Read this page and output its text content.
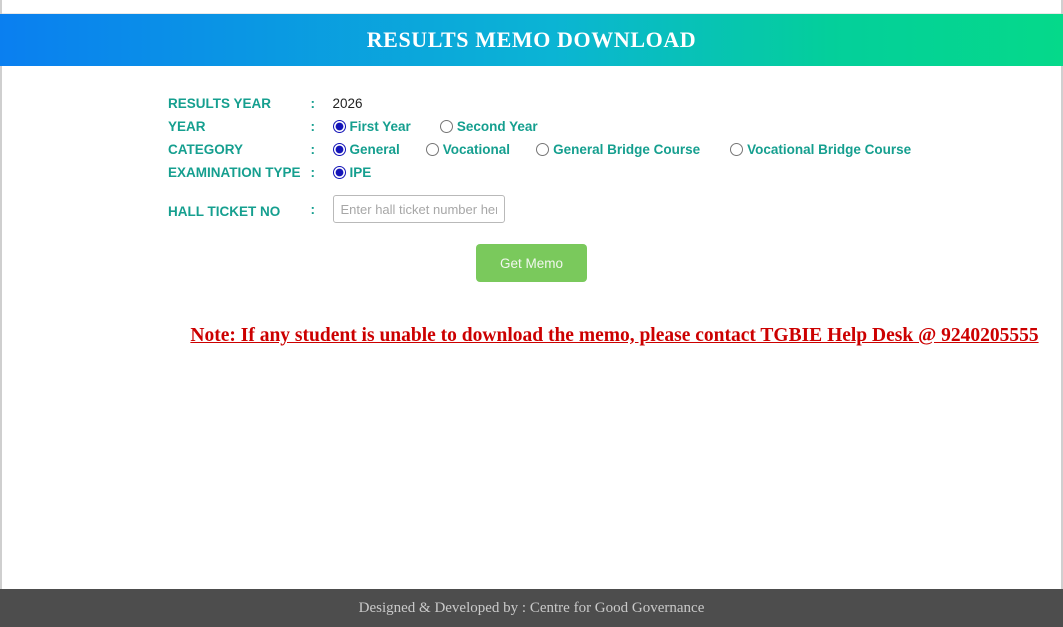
RESULTS MEMO DOWNLOAD
RESULTS YEAR	:	2026
YEAR	:	First Year Second Year

CATEGORY	:	General Vocational General Bridge Course Vocational Bridge Course

EXAMINATION TYPE	:	IPE

HALL TICKET NO	:	Enter hall ticket number here
Get Memo
Note: If any student is unable to download the memo, please contact TGBIE Help Desk @ 9240205555
Designed & Developed by : Centre for Good Governance
